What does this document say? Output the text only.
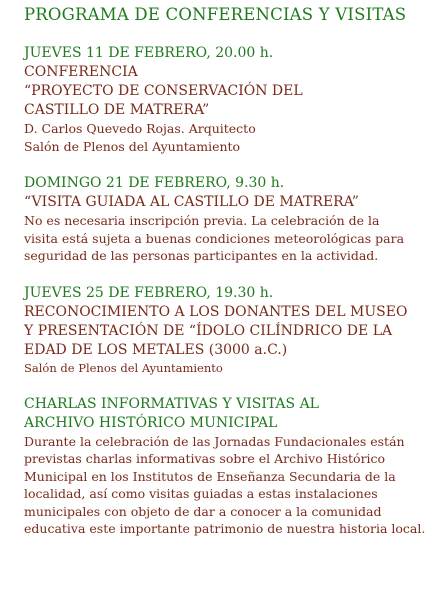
PROGRAMA DE CONFERENCIAS Y VISITAS
JUEVES 11 DE FEBRERO, 20.00 h.
CONFERENCIA
“PROYECTO DE CONSERVACIÓN DEL
CASTILLO DE MATRERA”
D. Carlos Quevedo Rojas. Arquitecto
Salón de Plenos del Ayuntamiento
DOMINGO 21 DE FEBRERO, 9.30 h.
“VISITA GUIADA AL CASTILLO DE MATRERA”
No es necesaria inscripción previa. La celebración de la
visita está sujeta a buenas condiciones meteorológicas para
seguridad de las personas participantes en la actividad.
JUEVES 25 DE FEBRERO, 19.30 h.
RECONOCIMIENTO A LOS DONANTES DEL MUSEO
Y PRESENTACIÓN DE “ÍDOLO CILÍNDRICO DE LA
EDAD DE LOS METALES (3000 a.C.)
Salón de Plenos del Ayuntamiento
CHARLAS INFORMATIVAS Y VISITAS AL
ARCHIVO HISTÓRICO MUNICIPAL
Durante la celebración de las Jornadas Fundacionales están
previstas charlas informativas sobre el Archivo Histórico
Municipal en los Institutos de Enseñanza Secundaria de la
localidad, así como visitas guiadas a estas instalaciones
municipales con objeto de dar a conocer a la comunidad
educativa este importante patrimonio de nuestra historia local.
